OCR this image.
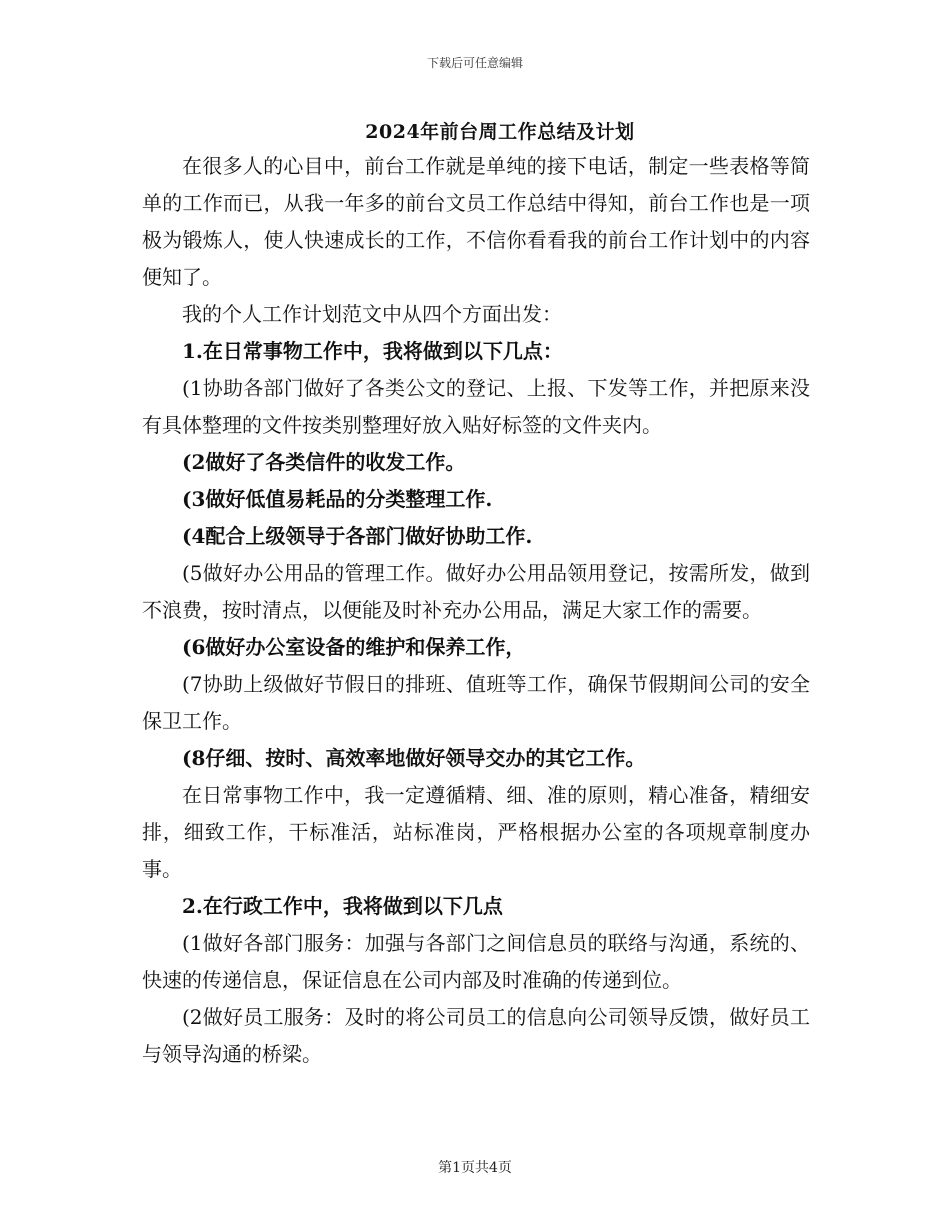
下载后可任意编辑
2024年前台周工作总结及计划

在很多人的心目中，前台工作就是单纯的接下电话，制定一些表格等简单的工作而已，从我一年多的前台文员工作总结中得知，前台工作也是一项极为锻炼人，使人快速成长的工作，不信你看看我的前台工作计划中的内容便知了。

我的个人工作计划范文中从四个方面出发：

1.在日常事物工作中，我将做到以下几点：

(1协助各部门做好了各类公文的登记、上报、下发等工作，并把原来没有具体整理的文件按类别整理好放入贴好标签的文件夹内。

(2做好了各类信件的收发工作。

(3做好低值易耗品的分类整理工作.

(4配合上级领导于各部门做好协助工作.

(5做好办公用品的管理工作。做好办公用品领用登记，按需所发，做到不浪费，按时清点，以便能及时补充办公用品，满足大家工作的需要。

(6做好办公室设备的维护和保养工作，

(7协助上级做好节假日的排班、值班等工作，确保节假期间公司的安全保卫工作。

(8仔细、按时、高效率地做好领导交办的其它工作。

在日常事物工作中，我一定遵循精、细、准的原则，精心准备，精细安排，细致工作，干标准活，站标准岗，严格根据办公室的各项规章制度办事。

2.在行政工作中，我将做到以下几点

(1做好各部门服务：加强与各部门之间信息员的联络与沟通，系统的、快速的传递信息，保证信息在公司内部及时准确的传递到位。

(2做好员工服务：及时的将公司员工的信息向公司领导反馈，做好员工与领导沟通的桥梁。

第1页共4页
